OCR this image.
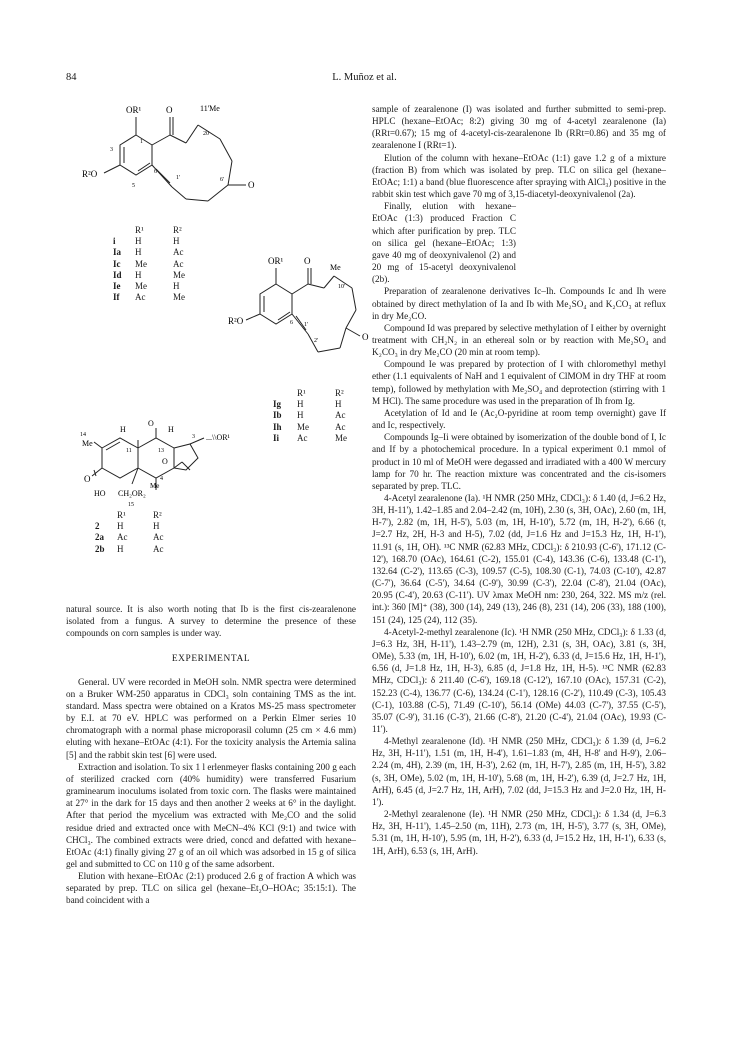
84	L. Muñoz et al.
OR¹	O	11'Me
20
1
3
R²O
5
6
1'	6'	O
R¹	R²
i H	H
Ia H	Ac
Ic Me	Ac
Id H	Me
Ie Me	H
If Ac	Me
OR¹ O
Me
10'
1'
R²O	6
2'	O
R¹	R²
Ig H	H
Ib H	Ac
Ih Me	Ac
Ii Ac	Me
14
Me
H
O
H
3 ...\\OR¹
11	13
O
O	4
Me
HO CH₂OR₂
15
R¹	R²
2 H	H
2a Ac	Ac
2b H	Ac

natural source. It is also worth noting that Ib is the first cis-zearalenone isolated from a fungus. A survey to determine the presence of these compounds on corn samples is under way.

EXPERIMENTAL

General. UV were recorded in MeOH soln. NMR spectra were determined on a Bruker WM-250 apparatus in CDCl₃ soln containing TMS as the int. standard. Mass spectra were obtained on a Kratos MS-25 mass spectrometer by E.I. at 70 eV. HPLC was performed on a Perkin Elmer series 10 chromatograph with a normal phase microporasil column (25 cm × 4.6 mm) eluting with hexane–EtOAc (4:1). For the toxicity analysis the Artemia salina [5] and the rabbit skin test [6] were used.

Extraction and isolation. To six 1 l erlenmeyer flasks containing 200 g each of sterilized cracked corn (40% humidity) were transferred Fusarium graminearum inoculums isolated from toxic corn. The flasks were maintained at 27° in the dark for 15 days and then another 2 weeks at 6° in the daylight. After that period the mycelium was extracted with Me₂CO and the solid residue dried and extracted once with MeCN–4% KCl (9:1) and twice with CHCl₃. The combined extracts were dried, concd and defatted with hexane–EtOAc (4:1) finally giving 27 g of an oil which was adsorbed in 15 g of silica gel and submitted to CC on 110 g of the same adsorbent.

Elution with hexane–EtOAc (2:1) produced 2.6 g of fraction A which was separated by prep. TLC on silica gel (hexane–Et₂O–HOAc; 35:15:1). The band coincident with a

sample of zearalenone (I) was isolated and further submitted to semi-prep. HPLC (hexane–EtOAc; 8:2) giving 30 mg of 4-acetyl zearalenone (Ia) (RRt=0.67); 15 mg of 4-acetyl-cis-zearalenone Ib (RRt=0.86) and 35 mg of zearalenone I (RRt=1).

Elution of the column with hexane–EtOAc (1:1) gave 1.2 g of a mixture (fraction B) from which was isolated by prep. TLC on silica gel (hexane–EtOAc; 1:1) a band (blue fluorescence after spraying with AlCl₃) positive in the rabbit skin test which gave 70 mg of 3,15-diacetyl-deoxynivalenol (2a).

Finally, elution with hexane–EtOAc (1:3) produced Fraction C which after purification by prep. TLC on silica gel (hexane–EtOAc; 1:3) gave 40 mg of deoxynivalenol (2) and 20 mg of 15-acetyl deoxynivalenol (2b).

Preparation of zearalenone derivatives Ic–Ih. Compounds Ic and Ih were obtained by direct methylation of Ia and Ib with Me₂SO₄ and K₂CO₃ at reflux in dry Me₂CO.

Compound Id was prepared by selective methylation of I either by overnight treatment with CH₂N₂ in an ethereal soln or by reaction with Me₂SO₄ and K₂CO₃ in dry Me₂CO (20 min at room temp).

Compound Ie was prepared by protection of I with chloromethyl methyl ether (1.1 equivalents of NaH and 1 equivalent of ClMOM in dry THF at room temp), followed by methylation with Me₂SO₄ and deprotection (stirring with 1 M HCl). The same procedure was used in the preparation of Ih from Ig.

Acetylation of Id and Ie (Ac₂O-pyridine at room temp overnight) gave If and Ic, respectively.

Compounds Ig–Ii were obtained by isomerization of the double bond of I, Ic and If by a photochemical procedure. In a typical experiment 0.1 mmol of product in 10 ml of MeOH were degassed and irradiated with a 400 W mercury lamp for 70 hr. The reaction mixture was concentrated and the cis-isomers separated by prep. TLC.

4-Acetyl zearalenone (Ia). ¹H NMR (250 MHz, CDCl₃): δ 1.40 (d, J=6.2 Hz, 3H, H-11'), 1.42–1.85 and 2.04–2.42 (m, 10H), 2.30 (s, 3H, OAc), 2.60 (m, 1H, H-7'), 2.82 (m, 1H, H-5'), 5.03 (m, 1H, H-10'), 5.72 (m, 1H, H-2'), 6.66 (t, J=2.7 Hz, 2H, H-3 and H-5), 7.02 (dd, J=1.6 Hz and J=15.3 Hz, 1H, H-1'), 11.91 (s, 1H, OH). ¹³C NMR (62.83 MHz, CDCl₃): δ 210.93 (C-6'), 171.12 (C-12'), 168.70 (OAc), 164.61 (C-2), 155.01 (C-4), 143.36 (C-6), 133.48 (C-1'), 132.64 (C-2'), 113.65 (C-3), 109.57 (C-5), 108.30 (C-1), 74.03 (C-10'), 42.87 (C-7'), 36.64 (C-5'), 34.64 (C-9'), 30.99 (C-3'), 22.04 (C-8'), 21.04 (OAc), 20.95 (C-4'), 20.63 (C-11'). UV λmax MeOH nm: 230, 264, 322. MS m/z (rel. int.): 360 [M]⁺ (38), 300 (14), 249 (13), 246 (8), 231 (14), 206 (33), 188 (100), 151 (24), 125 (24), 112 (35).

4-Acetyl-2-methyl zearalenone (Ic). ¹H NMR (250 MHz, CDCl₃): δ 1.33 (d, J=6.3 Hz, 3H, H-11'), 1.43–2.79 (m, 12H), 2.31 (s, 3H, OAc), 3.81 (s, 3H, OMe), 5.33 (m, 1H, H-10'), 6.02 (m, 1H, H-2'), 6.33 (d, J=15.6 Hz, 1H, H-1'), 6.56 (d, J=1.8 Hz, 1H, H-3), 6.85 (d, J=1.8 Hz, 1H, H-5). ¹³C NMR (62.83 MHz, CDCl₃): δ 211.40 (C-6'), 169.18 (C-12'), 167.10 (OAc), 157.31 (C-2), 152.23 (C-4), 136.77 (C-6), 134.24 (C-1'), 128.16 (C-2'), 110.49 (C-3), 105.43 (C-1), 103.88 (C-5), 71.49 (C-10'), 56.14 (OMe) 44.03 (C-7'), 37.55 (C-5'), 35.07 (C-9'), 31.16 (C-3'), 21.66 (C-8'), 21.20 (C-4'), 21.04 (OAc), 19.93 (C-11').

4-Methyl zearalenone (Id). ¹H NMR (250 MHz, CDCl₃): δ 1.39 (d, J=6.2 Hz, 3H, H-11'), 1.51 (m, 1H, H-4'), 1.61–1.83 (m, 4H, H-8' and H-9'), 2.06–2.24 (m, 4H), 2.39 (m, 1H, H-3'), 2.62 (m, 1H, H-7'), 2.85 (m, 1H, H-5'), 3.82 (s, 3H, OMe), 5.02 (m, 1H, H-10'), 5.68 (m, 1H, H-2'), 6.39 (d, J=2.7 Hz, 1H, ArH), 6.45 (d, J=2.7 Hz, 1H, ArH), 7.02 (dd, J=15.3 Hz and J=2.0 Hz, 1H, H-1').

2-Methyl zearalenone (Ie). ¹H NMR (250 MHz, CDCl₃): δ 1.34 (d, J=6.3 Hz, 3H, H-11'), 1.45–2.50 (m, 11H), 2.73 (m, 1H, H-5'), 3.77 (s, 3H, OMe), 5.31 (m, 1H, H-10'), 5.95 (m, 1H, H-2'), 6.33 (d, J=15.2 Hz, 1H, H-1'), 6.33 (s, 1H, ArH), 6.53 (s, 1H, ArH).
